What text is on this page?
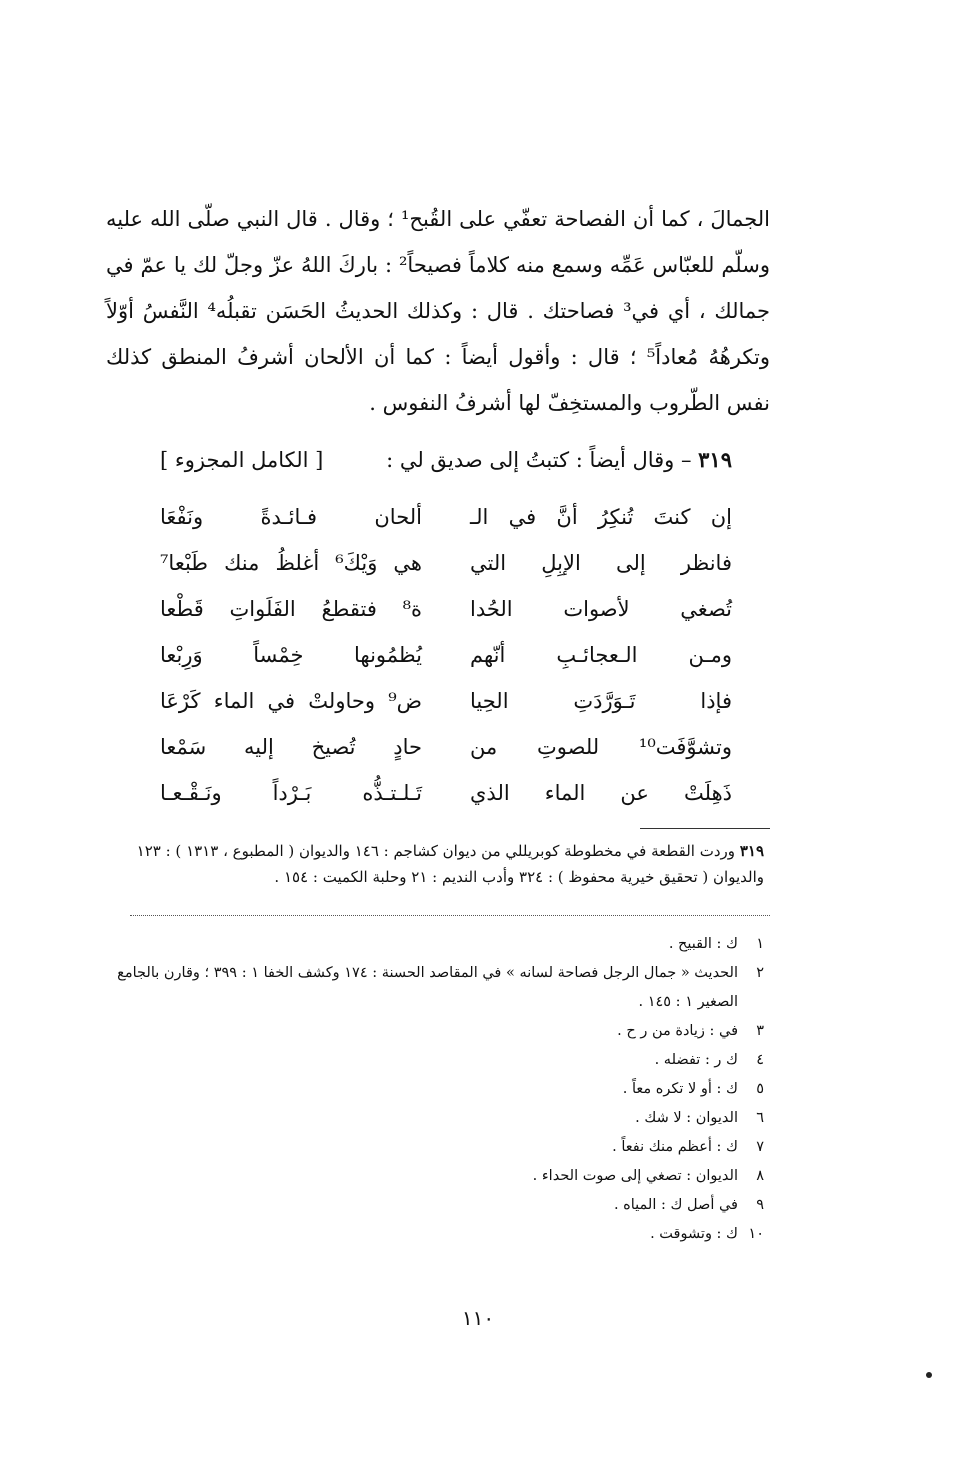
الجمالَ ، كما أن الفصاحة تعفّي على القُبح¹ ؛ وقال . قال النبي صلّى الله عليه وسلّم للعبّاس عَمِّه وسمع منه كلاماً فصيحاً² : باركَ اللهُ عزّ وجلّ لك يا عمّ في جمالك ، أي في³ فصاحتك . قال : وكذلك الحديثُ الحَسَن تقبلُه⁴ النَّفسُ أوّلاً وتكرهُهُ مُعاداً⁵ ؛ قال : وأقول أيضاً : كما أن الألحان أشرفُ المنطق كذلك نفس الطّروب والمستخِفّ لها أشرفُ النفوس .

٣١٩ – وقال أيضاً : كتبتُ إلى صديق لي :
[ الكامل المجزوء ]
إن كنتَ تُنكِرُ أنَّ في الـ
ألحان فـائـدةً ونَفْعَا
فانظر إلى الإبِلِ التي
هي وَيْكَ⁶ أغلظُ منك طَبْعا⁷
تُصغي لأصوات الحُدا
ة⁸ فتقطعُ الفَلَواتِ قَطْعا
ومـن الـعجائـبِ أنّهم
يُظمُونها خِمْساً وَرِبْعا
فإذا تَـوَرَّدَتِ الحِيا
ض⁹ وحاولتْ في الماء كَرْعَا
وتشوَّفَت¹⁰ للصوتِ من
حادٍ تُصيخ إليه سَمْعا
ذَهِلَتْ عن الماء الذي
تَـلـتـذُّه بَـرْداً ونَـقْـعـا

٣١٩ وردت القطعة في مخطوطة كوبريللي من ديوان كشاجم : ١٤٦ والديوان ( المطبوع ، ١٣١٣ ) : ١٢٣ والديوان ( تحقيق خيرية محفوظ ) : ٣٢٤ وأدب النديم : ٢١ وحلبة الكميت : ١٥٤ .

١
ك : القبيح .
٢
الحديث « جمال الرجل فصاحة لسانه » في المقاصد الحسنة : ١٧٤ وكشف الخفا ١ : ٣٩٩ ؛ وقارن بالجامع الصغير ١ : ١٤٥ .
٣
في : زيادة من ر ح .
٤
ك ر : تفضله .
٥
ك : أو لا تكره معاً .
٦
الديوان : لا شك .
٧
ك : أعظم منك نفعاً .
٨
الديوان : تصغي إلى صوت الحداء .
٩
في أصل ك : المياه .
١٠
ك : وتشوقت .
١١٠
